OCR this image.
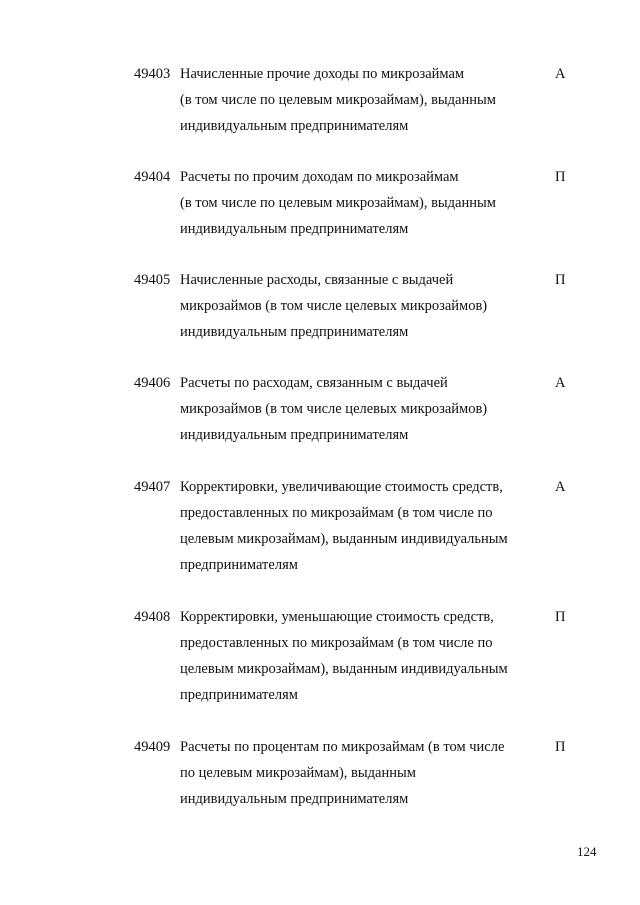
49403 Начисленные прочие доходы по микрозаймам
(в том числе по целевым микрозаймам), выданным
индивидуальным предпринимателям
А
49404 Расчеты по прочим доходам по микрозаймам
(в том числе по целевым микрозаймам), выданным
индивидуальным предпринимателям
П
49405 Начисленные расходы, связанные с выдачей
микрозаймов (в том числе целевых микрозаймов)
индивидуальным предпринимателям
П
49406 Расчеты по расходам, связанным с выдачей
микрозаймов (в том числе целевых микрозаймов)
индивидуальным предпринимателям
А
49407 Корректировки, увеличивающие стоимость средств,
предоставленных по микрозаймам (в том числе по
целевым микрозаймам), выданным индивидуальным
предпринимателям
А
49408 Корректировки, уменьшающие стоимость средств,
предоставленных по микрозаймам (в том числе по
целевым микрозаймам), выданным индивидуальным
предпринимателям
П
49409 Расчеты по процентам по микрозаймам (в том числе
по целевым микрозаймам), выданным
индивидуальным предпринимателям
П
124
